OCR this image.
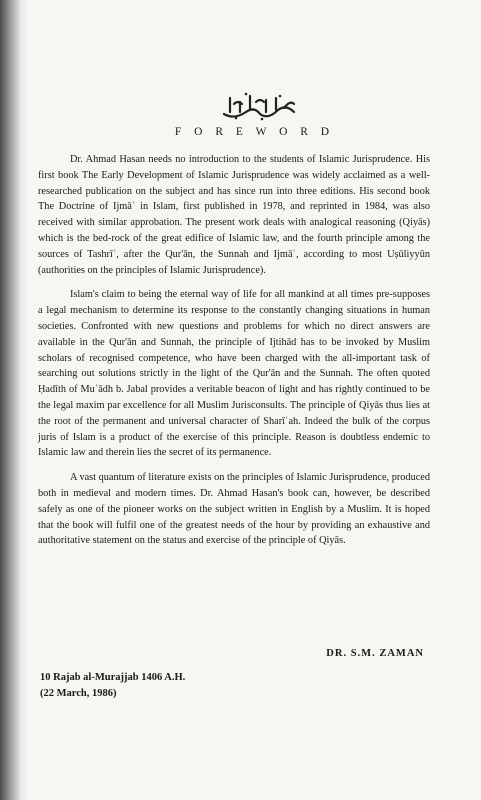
F O R E W O R D

Dr. Ahmad Hasan needs no introduction to the students of Islamic Jurisprudence. His first book The Early Development of Islamic Jurisprudence was widely acclaimed as a well-researched publication on the subject and has since run into three editions. His second book The Doctrine of Ijmāʿ in Islam, first published in 1978, and reprinted in 1984, was also received with similar approbation. The present work deals with analogical reasoning (Qiyās) which is the bed-rock of the great edifice of Islamic law, and the fourth principle among the sources of Tashrīʿ, after the Qur'ān, the Sunnah and Ijmāʿ, according to most Uṣūliyyūn (authorities on the principles of Islamic Jurisprudence).

Islam's claim to being the eternal way of life for all mankind at all times pre-supposes a legal mechanism to determine its response to the constantly changing situations in human societies. Confronted with new questions and problems for which no direct answers are available in the Qur'ān and Sunnah, the principle of Ijtihād has to be invoked by Muslim scholars of recognised competence, who have been charged with the all-important task of searching out solutions strictly in the light of the Qur'ān and the Sunnah. The often quoted Ḥadīth of Muʿādh b. Jabal provides a veritable beacon of light and has rightly continued to be the legal maxim par excellence for all Muslim Jurisconsults. The principle of Qiyās thus lies at the root of the permanent and universal character of Sharīʿah. Indeed the bulk of the corpus juris of Islam is a product of the exercise of this principle. Reason is doubtless endemic to Islamic law and therein lies the secret of its permanence.

A vast quantum of literature exists on the principles of Islamic Jurisprudence, produced both in medieval and modern times. Dr. Ahmad Hasan's book can, however, be described safely as one of the pioneer works on the subject written in English by a Muslim. It is hoped that the book will fulfil one of the greatest needs of the hour by providing an exhaustive and authoritative statement on the status and exercise of the principle of Qiyās.

DR. S.M. ZAMAN
10 Rajab al-Murajjab 1406 A.H.
(22 March, 1986)
